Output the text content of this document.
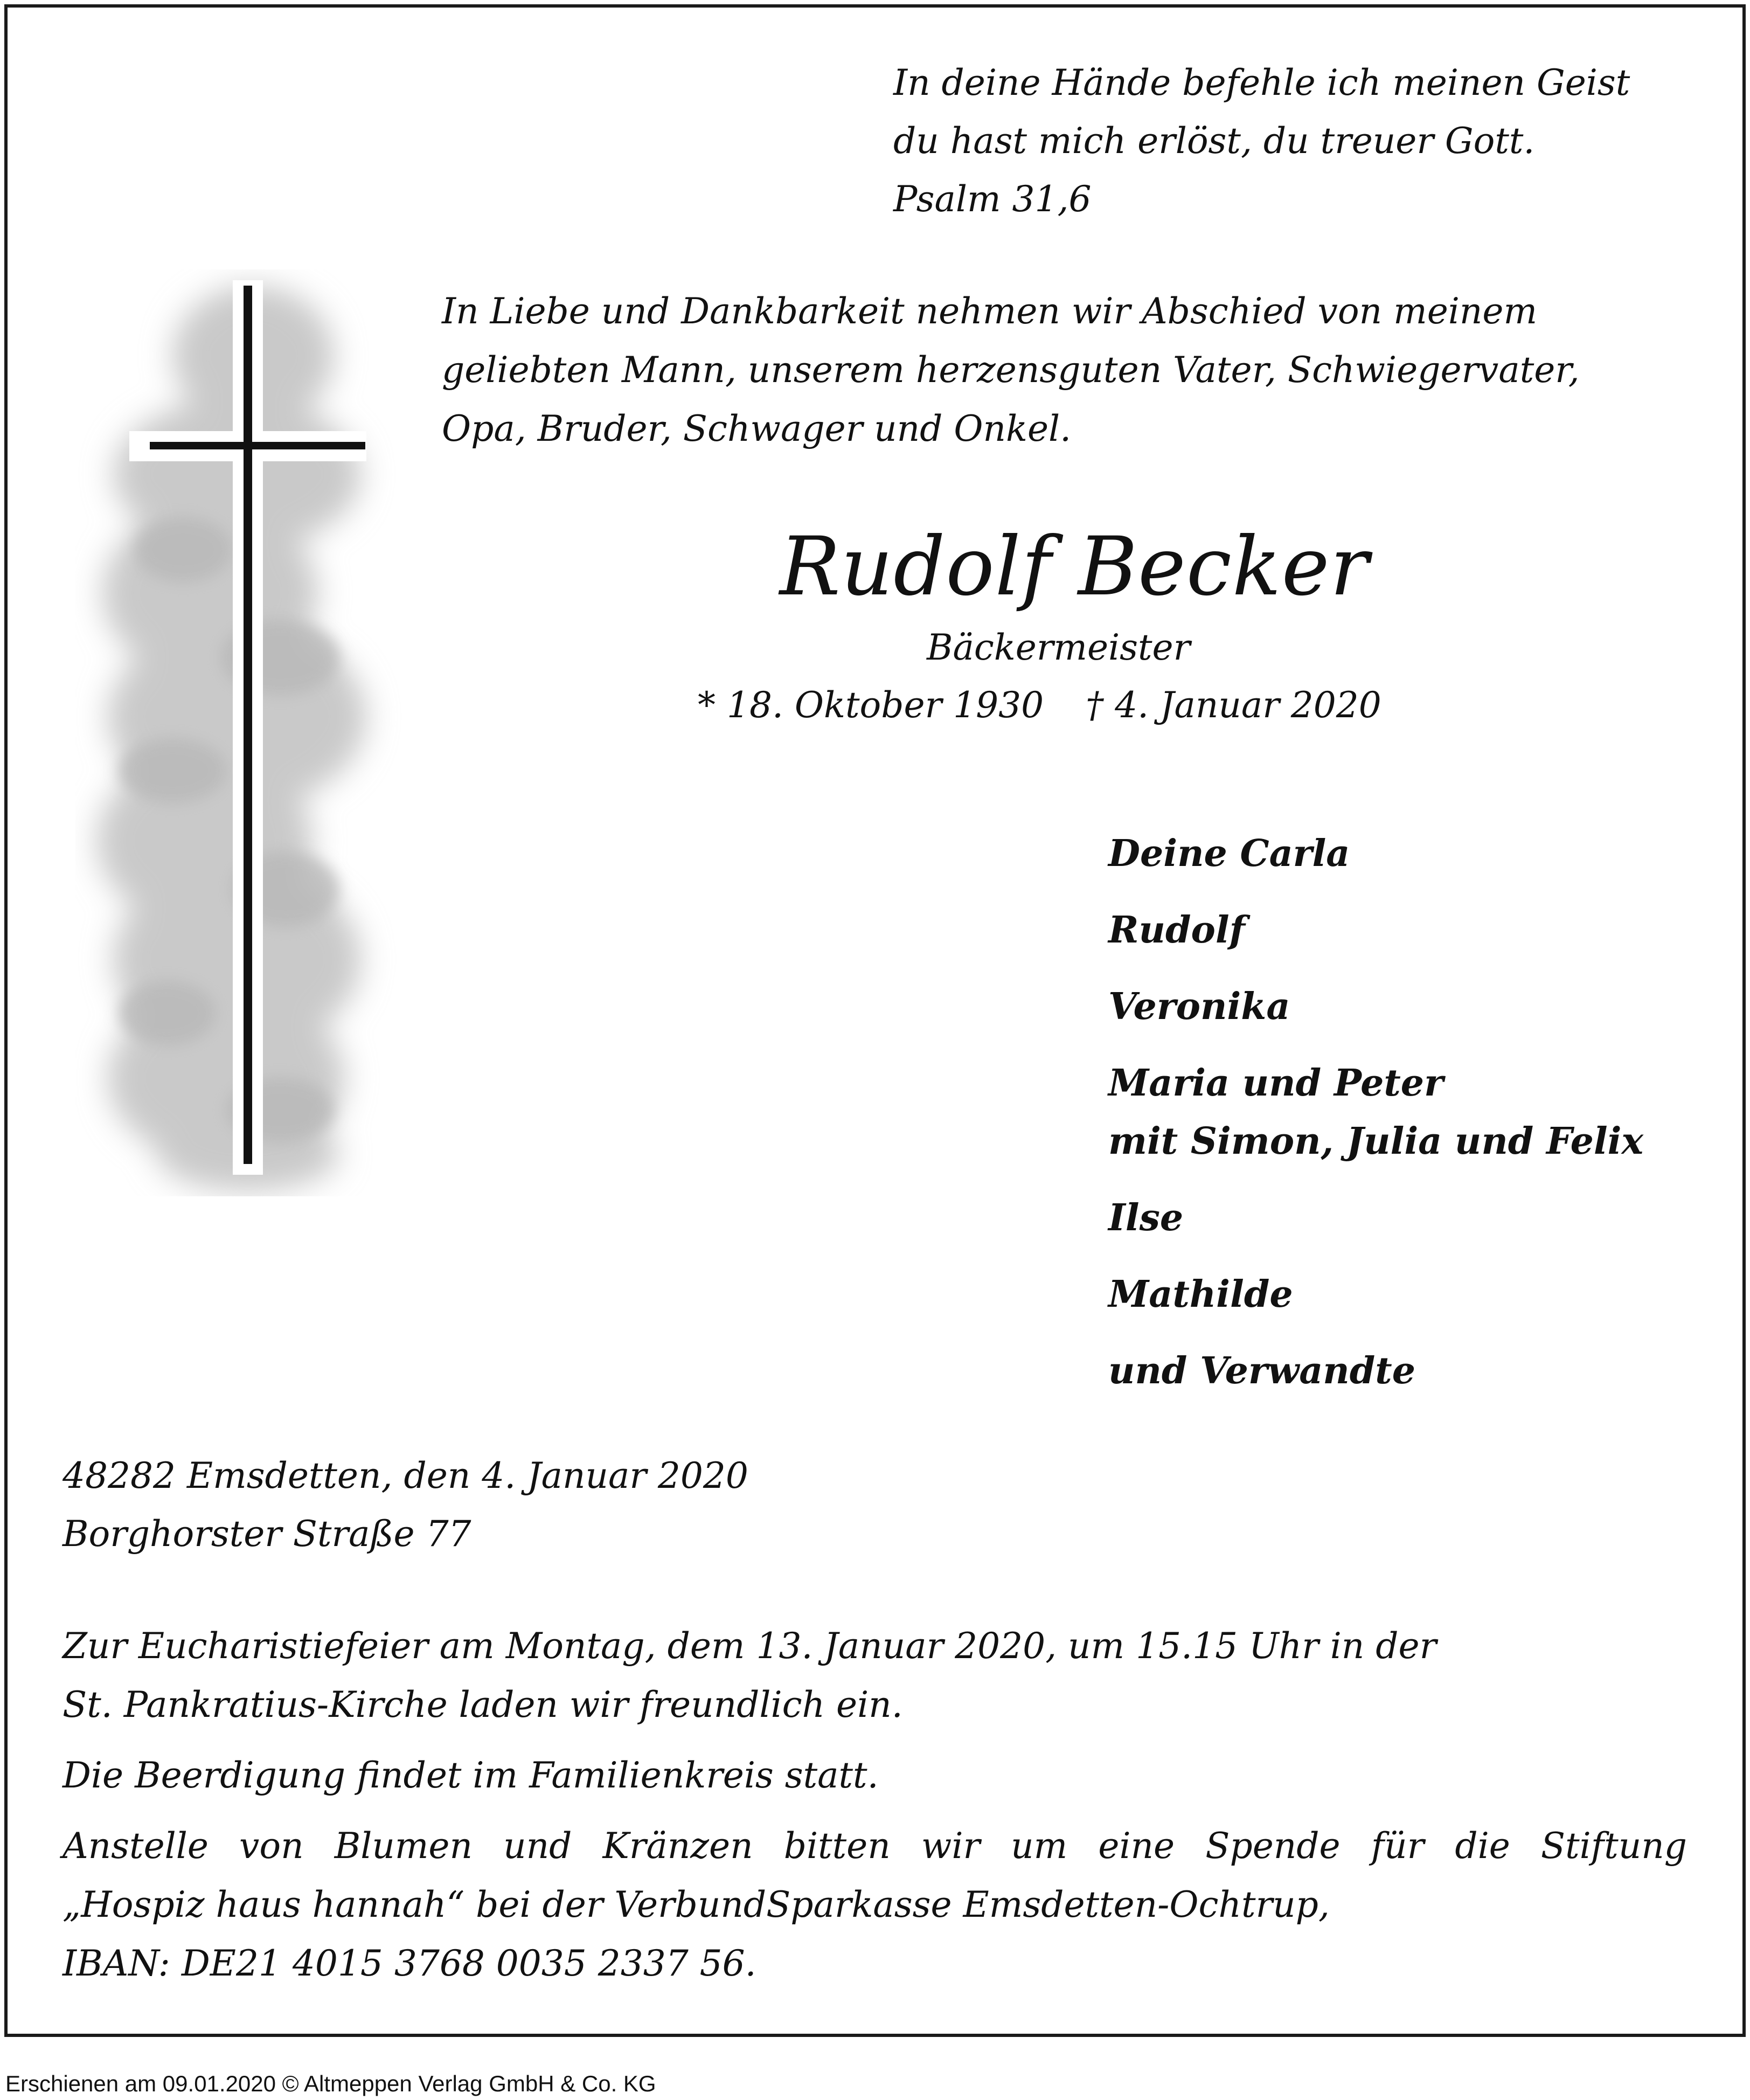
In deine Hände befehle ich meinen Geist
du hast mich erlöst, du treuer Gott.
Psalm 31,6
In Liebe und Dankbarkeit nehmen wir Abschied von meinem
geliebten Mann, unserem herzensguten Vater, Schwiegervater,
Opa, Bruder, Schwager und Onkel.
Rudolf Becker
Bäckermeister
* 18. Oktober 1930 † 4. Januar 2020
Deine Carla
Rudolf
Veronika
Maria und Peter
mit Simon, Julia und Felix
Ilse
Mathilde
und Verwandte
48282 Emsdetten, den 4. Januar 2020
Borghorster Straße 77

Zur Eucharistiefeier am Montag, dem 13. Januar 2020, um 15.15 Uhr in der
St. Pankratius-Kirche laden wir freundlich ein.

Die Beerdigung findet im Familienkreis statt.

Anstelle von Blumen und Kränzen bitten wir um eine Spende für die Stiftung
„Hospiz haus hannah“ bei der VerbundSparkasse Emsdetten-Ochtrup,
IBAN: DE21 4015 3768 0035 2337 56.

Erschienen am 09.01.2020 © Altmeppen Verlag GmbH & Co. KG
